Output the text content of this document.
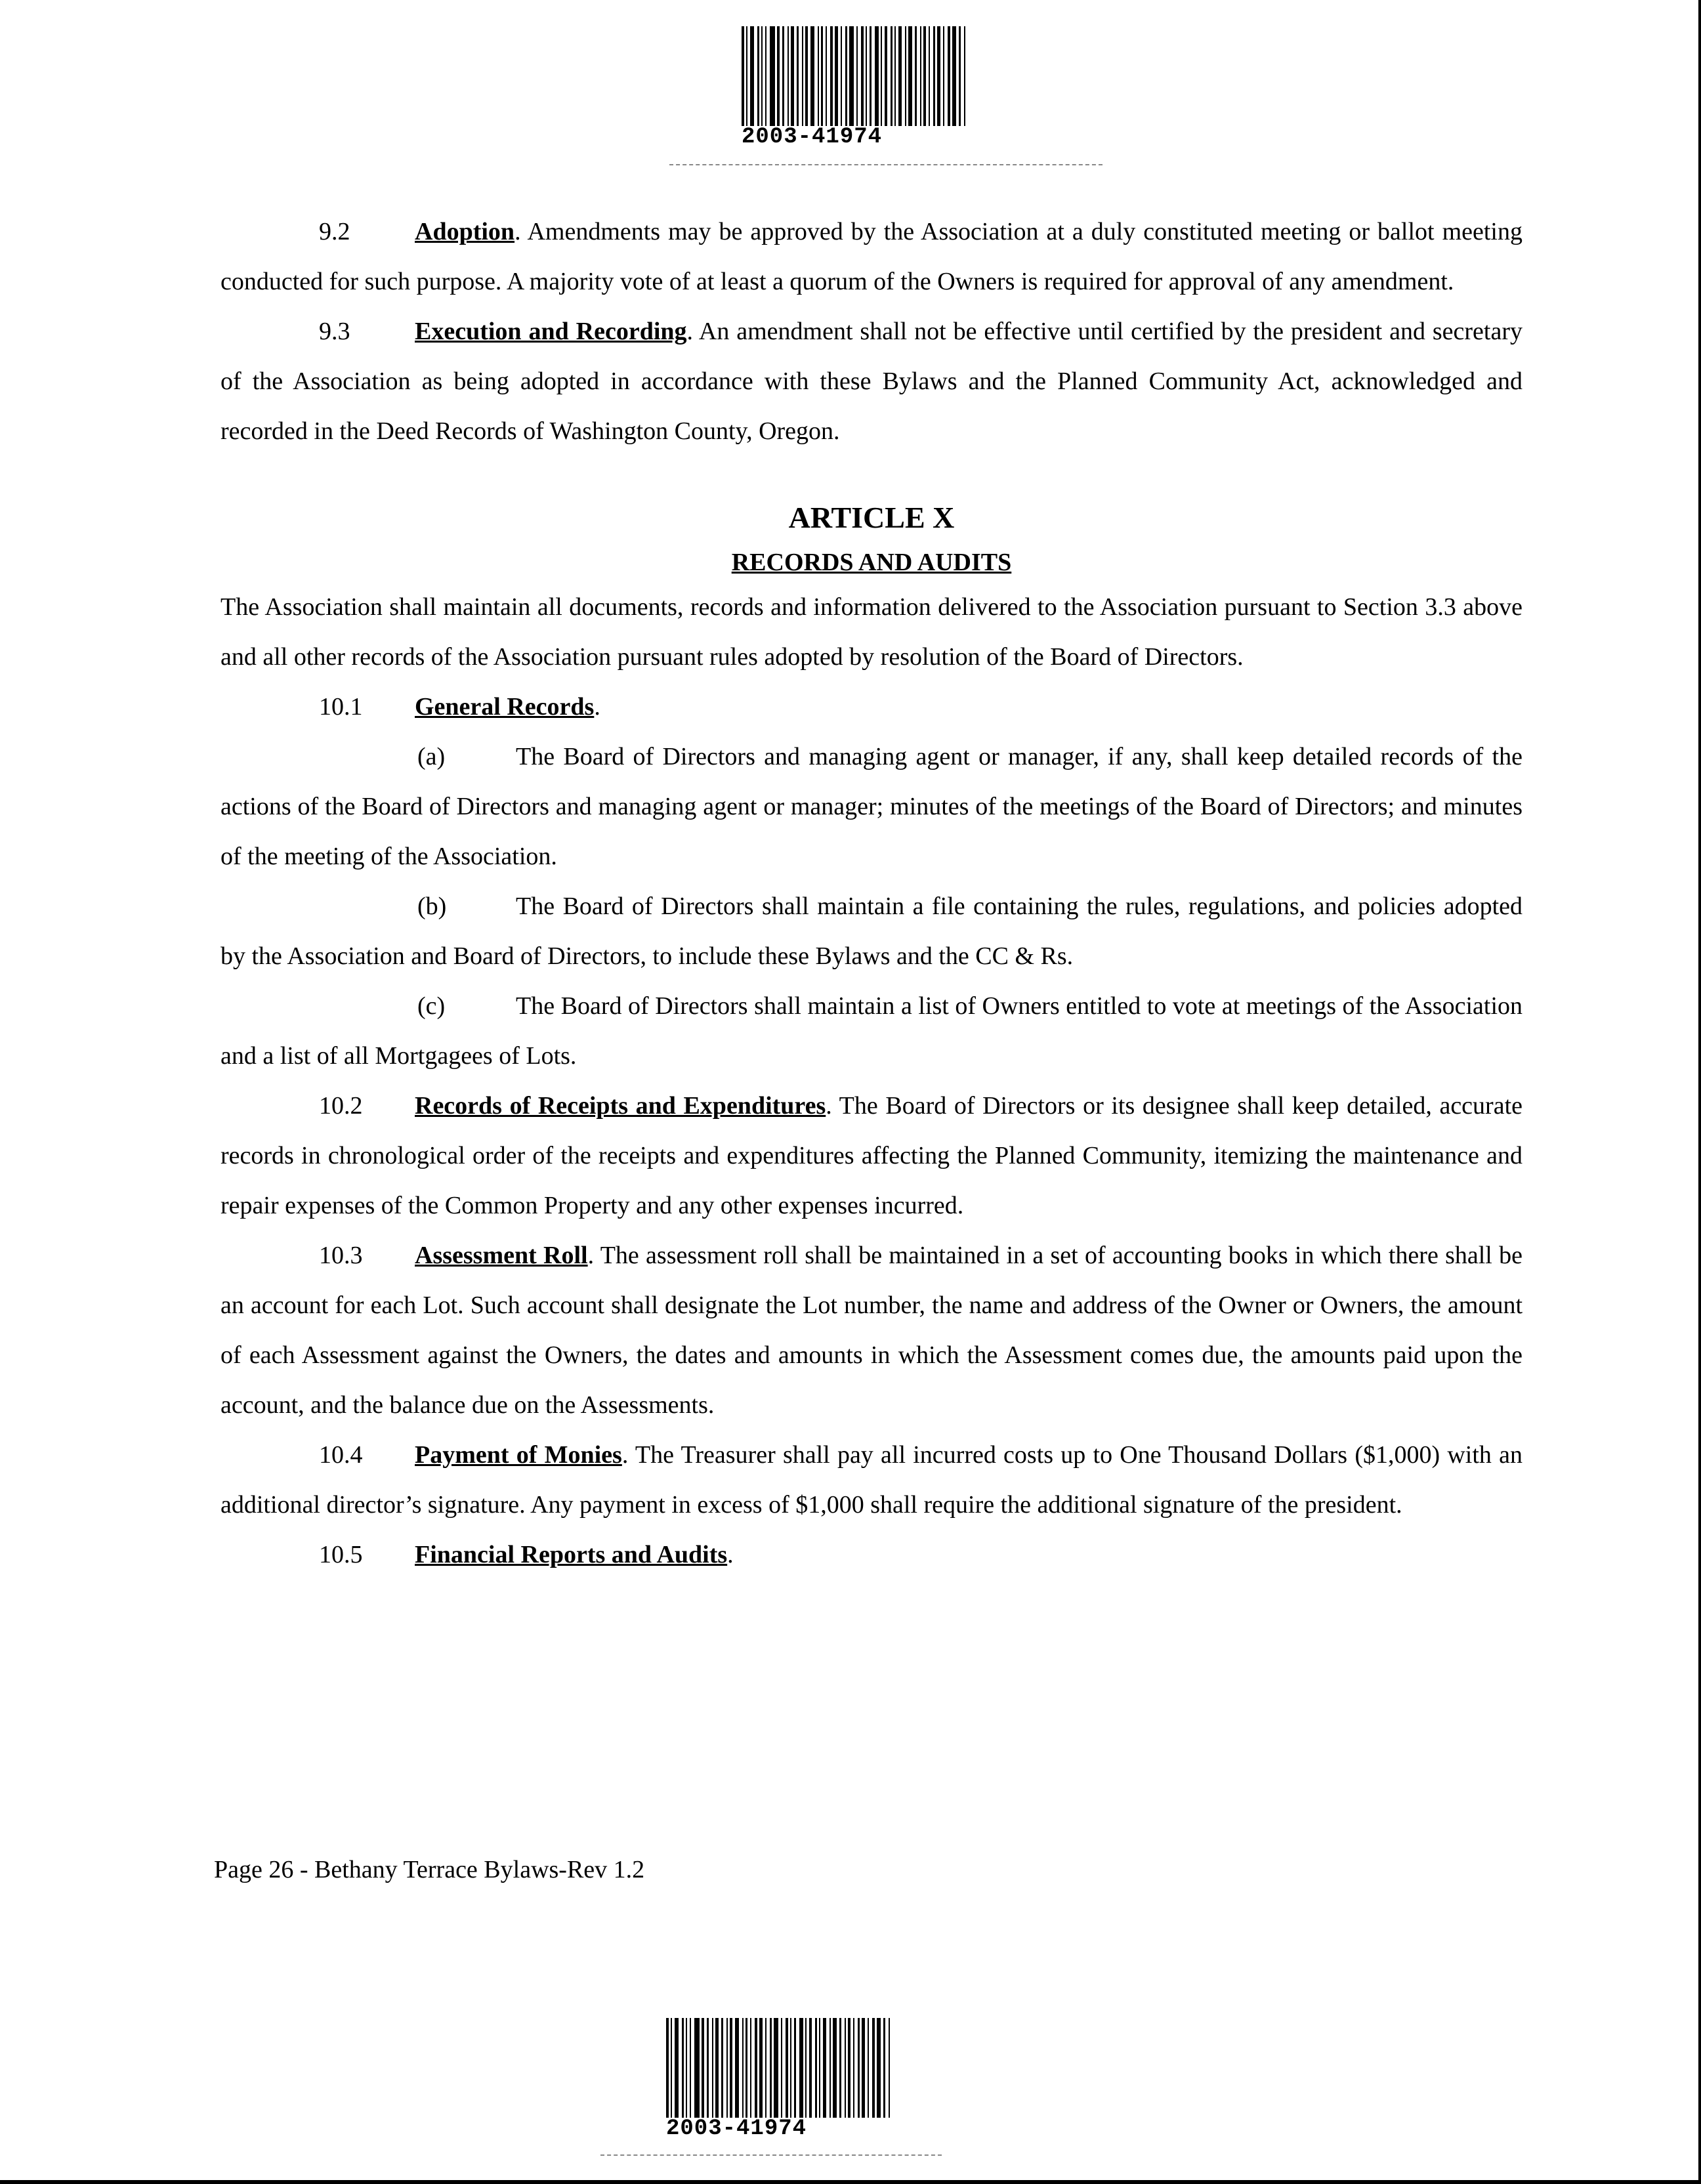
2003-41974

9.2	Adoption. Amendments may be approved by the Association at a duly constituted meeting or ballot meeting conducted for such purpose. A majority vote of at least a quorum of the Owners is required for approval of any amendment.

9.3	Execution and Recording. An amendment shall not be effective until certified by the president and secretary of the Association as being adopted in accordance with these Bylaws and the Planned Community Act, acknowledged and recorded in the Deed Records of Washington County, Oregon.

ARTICLE X
RECORDS AND AUDITS

The Association shall maintain all documents, records and information delivered to the Association pursuant to Section 3.3 above and all other records of the Association pursuant rules adopted by resolution of the Board of Directors.

10.1 General Records.

(a)	The Board of Directors and managing agent or manager, if any, shall keep detailed records of the actions of the Board of Directors and managing agent or manager; minutes of the meetings of the Board of Directors; and minutes of the meeting of the Association.

(b)	The Board of Directors shall maintain a file containing the rules, regulations, and policies adopted by the Association and Board of Directors, to include these Bylaws and the CC & Rs.

(c)	The Board of Directors shall maintain a list of Owners entitled to vote at meetings of the Association and a list of all Mortgagees of Lots.

10.2 Records of Receipts and Expenditures. The Board of Directors or its designee shall keep detailed, accurate records in chronological order of the receipts and expenditures affecting the Planned Community, itemizing the maintenance and repair expenses of the Common Property and any other expenses incurred.

10.3 Assessment Roll. The assessment roll shall be maintained in a set of accounting books in which there shall be an account for each Lot. Such account shall designate the Lot number, the name and address of the Owner or Owners, the amount of each Assessment against the Owners, the dates and amounts in which the Assessment comes due, the amounts paid upon the account, and the balance due on the Assessments.

10.4 Payment of Monies. The Treasurer shall pay all incurred costs up to One Thousand Dollars ($1,000) with an additional director’s signature. Any payment in excess of $1,000 shall require the additional signature of the president.

10.5 Financial Reports and Audits.

Page 26 - Bethany Terrace Bylaws-Rev 1.2
2003-41974
